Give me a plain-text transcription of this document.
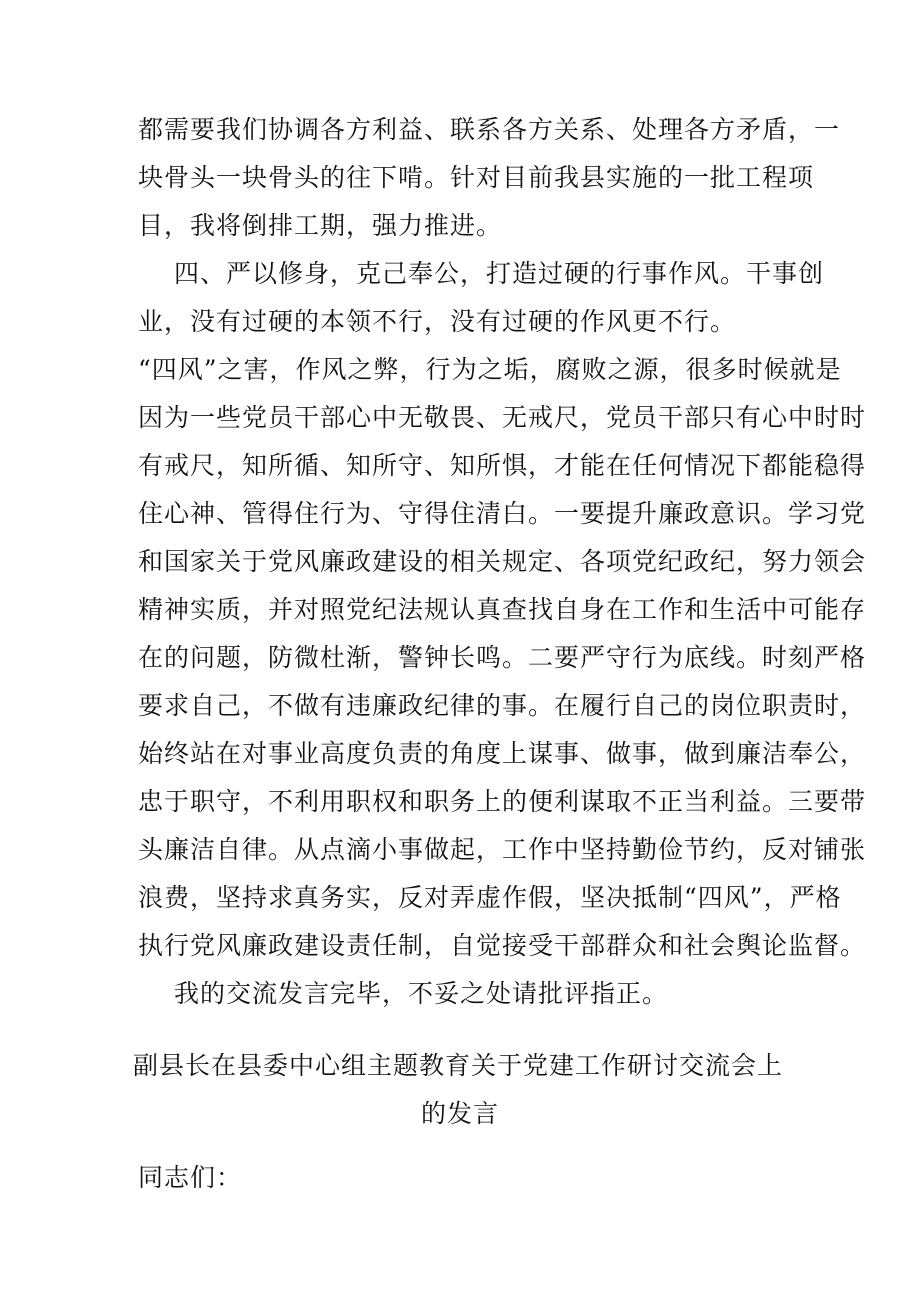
都需要我们协调各方利益、联系各方关系、处理各方矛盾，一
块骨头一块骨头的往下啃。针对目前我县实施的一批工程项
目，我将倒排工期，强力推进。
四、严以修身，克己奉公，打造过硬的行事作风。干事创
业，没有过硬的本领不行，没有过硬的作风更不行。
“四风”之害，作风之弊，行为之垢，腐败之源，很多时候就是
因为一些党员干部心中无敬畏、无戒尺，党员干部只有心中时时
有戒尺，知所循、知所守、知所惧，才能在任何情况下都能稳得
住心神、管得住行为、守得住清白。一要提升廉政意识。学习党
和国家关于党风廉政建设的相关规定、各项党纪政纪，努力领会
精神实质，并对照党纪法规认真查找自身在工作和生活中可能存
在的问题，防微杜渐，警钟长鸣。二要严守行为底线。时刻严格
要求自己，不做有违廉政纪律的事。在履行自己的岗位职责时，
始终站在对事业高度负责的角度上谋事、做事，做到廉洁奉公，
忠于职守，不利用职权和职务上的便利谋取不正当利益。三要带
头廉洁自律。从点滴小事做起，工作中坚持勤俭节约，反对铺张
浪费，坚持求真务实，反对弄虚作假，坚决抵制“四风”，严格
执行党风廉政建设责任制，自觉接受干部群众和社会舆论监督。
我的交流发言完毕，不妥之处请批评指正。
副县长在县委中心组主题教育关于党建工作研讨交流会上
的发言
同志们：
